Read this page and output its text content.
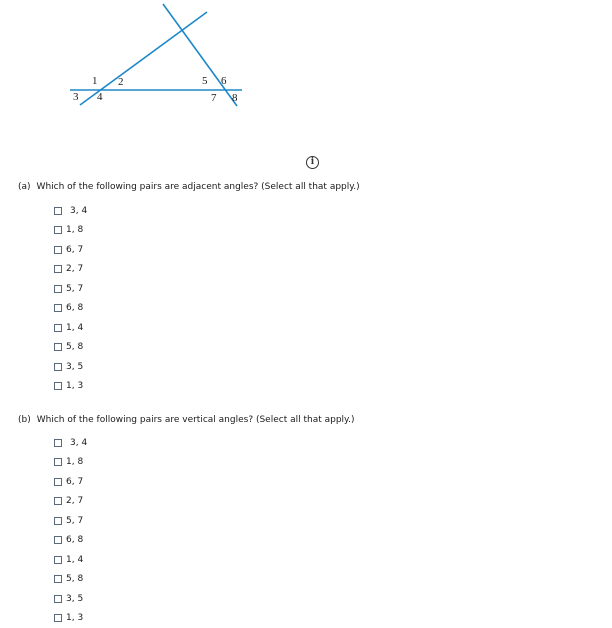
1 2
3 4
5 6
7 8
i
(a) Which of the following pairs are adjacent angles? (Select all that apply.)
3, 4
1, 8
6, 7
2, 7
5, 7
6, 8
1, 4
5, 8
3, 5
1, 3
(b) Which of the following pairs are vertical angles? (Select all that apply.)
3, 4
1, 8
6, 7
2, 7
5, 7
6, 8
1, 4
5, 8
3, 5
1, 3
